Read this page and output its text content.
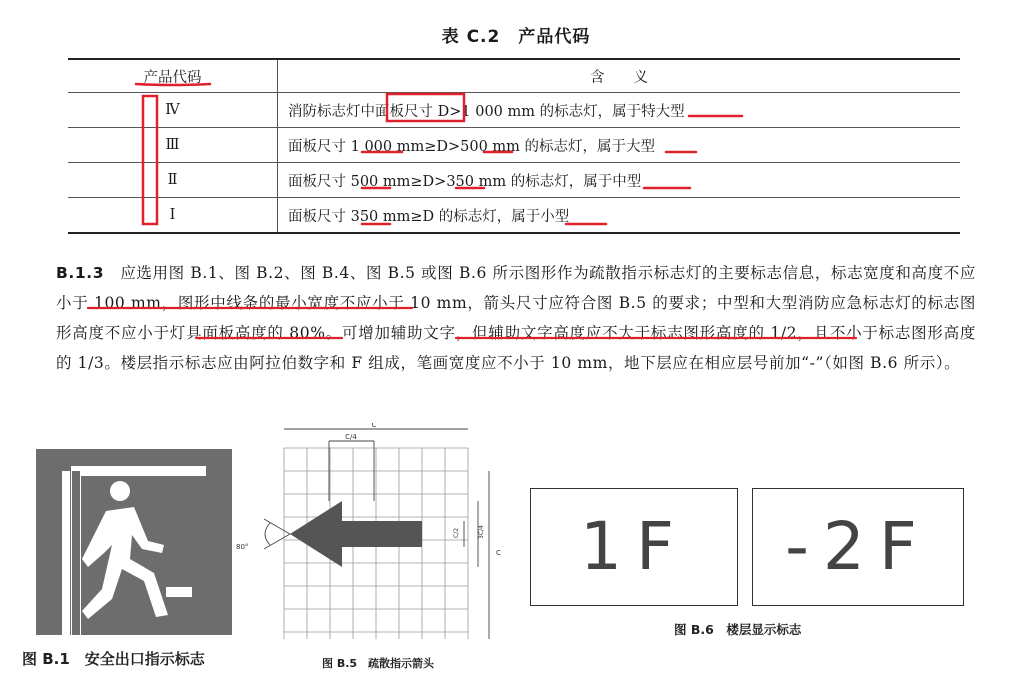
表 C.2　产品代码
产品代码	含　　义
Ⅳ	消防标志灯中面板尺寸 D>1 000 mm 的标志灯，属于特大型
Ⅲ	面板尺寸 1 000 mm≥D>500 mm 的标志灯，属于大型
Ⅱ	面板尺寸 500 mm≥D>350 mm 的标志灯，属于中型
Ⅰ	面板尺寸 350 mm≥D 的标志灯，属于小型
B.1.3　 应选用图 B.1、图 B.2、图 B.4、图 B.5 或图 B.6 所示图形作为疏散指示标志灯的主要标志信息，标志宽度和高度不应小于 100 mm，图形中线条的最小宽度不应小于 10 mm，箭头尺寸应符合图 B.5 的要求；中型和大型消防应急标志灯的标志图形高度不应小于灯具面板高度的 80%。可增加辅助文字，但辅助文字高度应不大于标志图形高度的 1/2，且不小于标志图形高度的 1/3。楼层指示标志应由阿拉伯数字和 F 组成，笔画宽度应不小于 10 mm，地下层应在相应层号前加“-”（如图 B.6 所示）。
图 B.1　安全出口指示标志
C
C/4
C
C/2	3C/4
80°
图 B.5　疏散指示箭头
1F	-2F
图 B.6　楼层显示标志
